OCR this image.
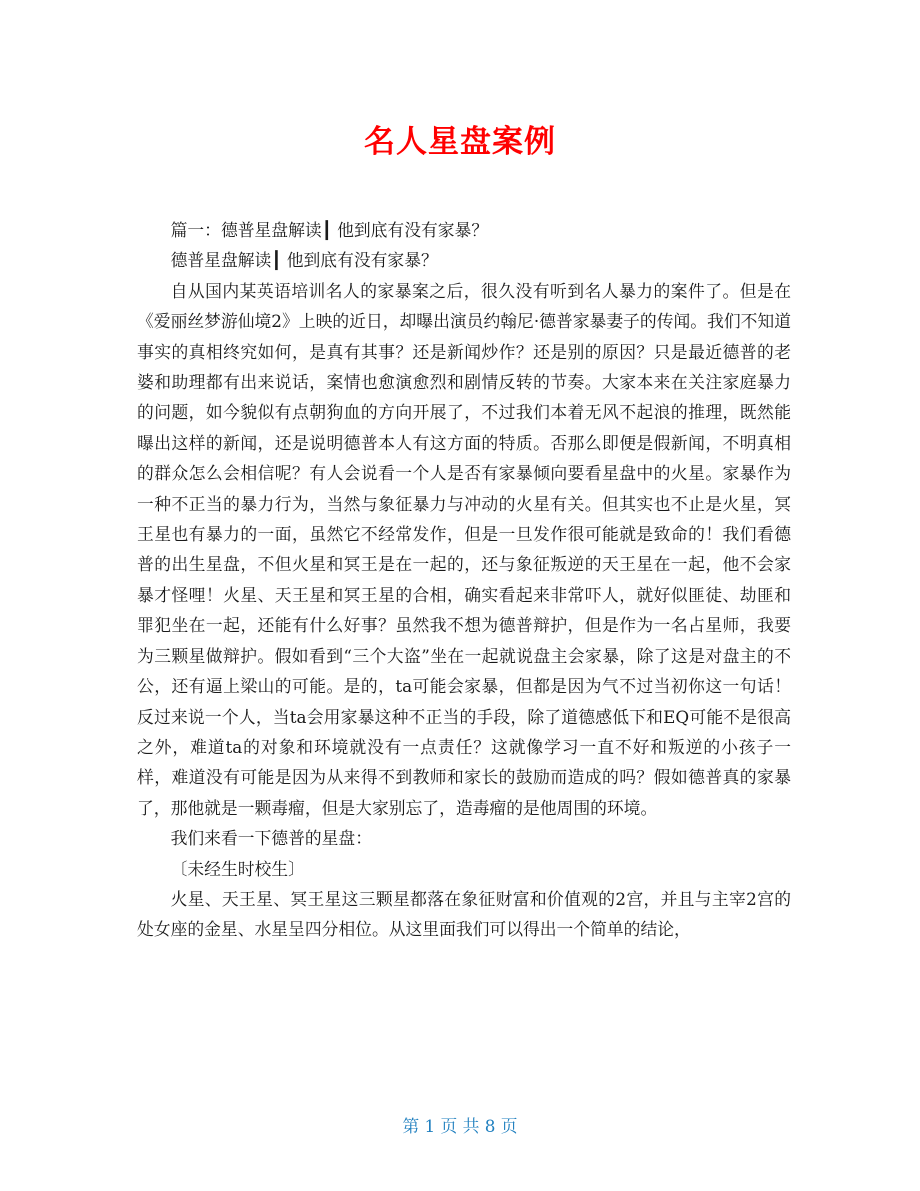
名人星盘案例

篇一：德普星盘解读┃ 他到底有没有家暴？

德普星盘解读┃ 他到底有没有家暴？

自从国内某英语培训名人的家暴案之后，很久没有听到名人暴力的案件了。但是在《爱丽丝梦游仙境2》上映的近日，却曝出演员约翰尼·德普家暴妻子的传闻。我们不知道事实的真相终究如何，是真有其事？还是新闻炒作？还是别的原因？只是最近德普的老婆和助理都有出来说话，案情也愈演愈烈和剧情反转的节奏。大家本来在关注家庭暴力的问题，如今貌似有点朝狗血的方向开展了，不过我们本着无风不起浪的推理，既然能曝出这样的新闻，还是说明德普本人有这方面的特质。否那么即便是假新闻，不明真相的群众怎么会相信呢？有人会说看一个人是否有家暴倾向要看星盘中的火星。家暴作为一种不正当的暴力行为，当然与象征暴力与冲动的火星有关。但其实也不止是火星，冥王星也有暴力的一面，虽然它不经常发作，但是一旦发作很可能就是致命的！我们看德普的出生星盘，不但火星和冥王是在一起的，还与象征叛逆的天王星在一起，他不会家暴才怪哩！火星、天王星和冥王星的合相，确实看起来非常吓人，就好似匪徒、劫匪和罪犯坐在一起，还能有什么好事？虽然我不想为德普辩护，但是作为一名占星师，我要为三颗星做辩护。假如看到“三个大盗”坐在一起就说盘主会家暴，除了这是对盘主的不公，还有逼上梁山的可能。是的，ta可能会家暴，但都是因为气不过当初你这一句话！反过来说一个人，当ta会用家暴这种不正当的手段，除了道德感低下和EQ可能不是很高之外，难道ta的对象和环境就没有一点责任？这就像学习一直不好和叛逆的小孩子一样，难道没有可能是因为从来得不到教师和家长的鼓励而造成的吗？假如德普真的家暴了，那他就是一颗毒瘤，但是大家别忘了，造毒瘤的是他周围的环境。

我们来看一下德普的星盘：

〔未经生时校生〕

火星、天王星、冥王星这三颗星都落在象征财富和价值观的2宫，并且与主宰2宫的处女座的金星、水星呈四分相位。从这里面我们可以得出一个简单的结论，

第 1 页 共 8 页
